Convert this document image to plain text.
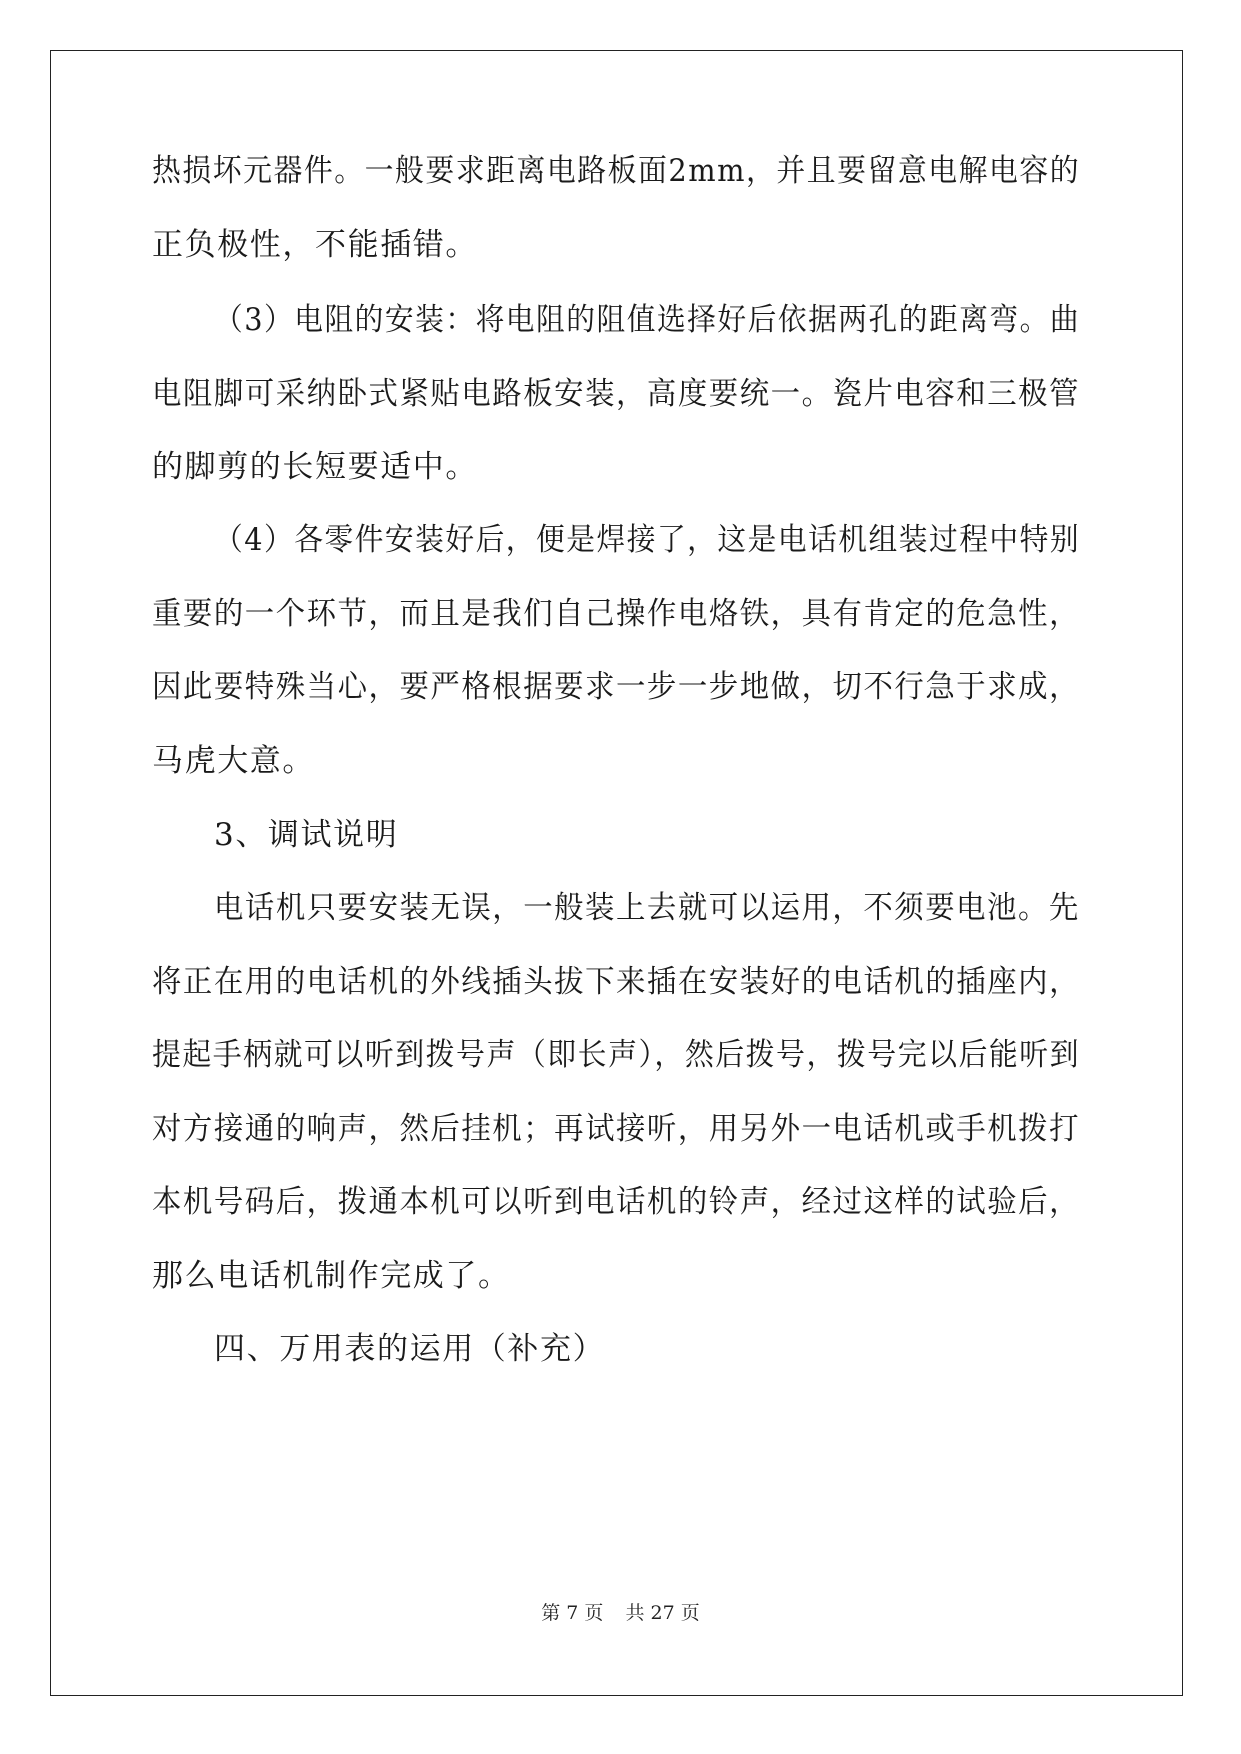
热损坏元器件。一般要求距离电路板面2mm，并且要留意电解电容的
正负极性，不能插错。
（3）电阻的安装：将电阻的阻值选择好后依据两孔的距离弯。曲
电阻脚可采纳卧式紧贴电路板安装，高度要统一。瓷片电容和三极管
的脚剪的长短要适中。
（4）各零件安装好后，便是焊接了，这是电话机组装过程中特别
重要的一个环节，而且是我们自己操作电烙铁，具有肯定的危急性，
因此要特殊当心，要严格根据要求一步一步地做，切不行急于求成，
马虎大意。
3、调试说明
电话机只要安装无误，一般装上去就可以运用，不须要电池。先
将正在用的电话机的外线插头拔下来插在安装好的电话机的插座内，
提起手柄就可以听到拨号声（即长声），然后拨号，拨号完以后能听到
对方接通的响声，然后挂机；再试接听，用另外一电话机或手机拨打
本机号码后，拨通本机可以听到电话机的铃声，经过这样的试验后，
那么电话机制作完成了。
四、万用表的运用（补充）
第 7 页 共 27 页
